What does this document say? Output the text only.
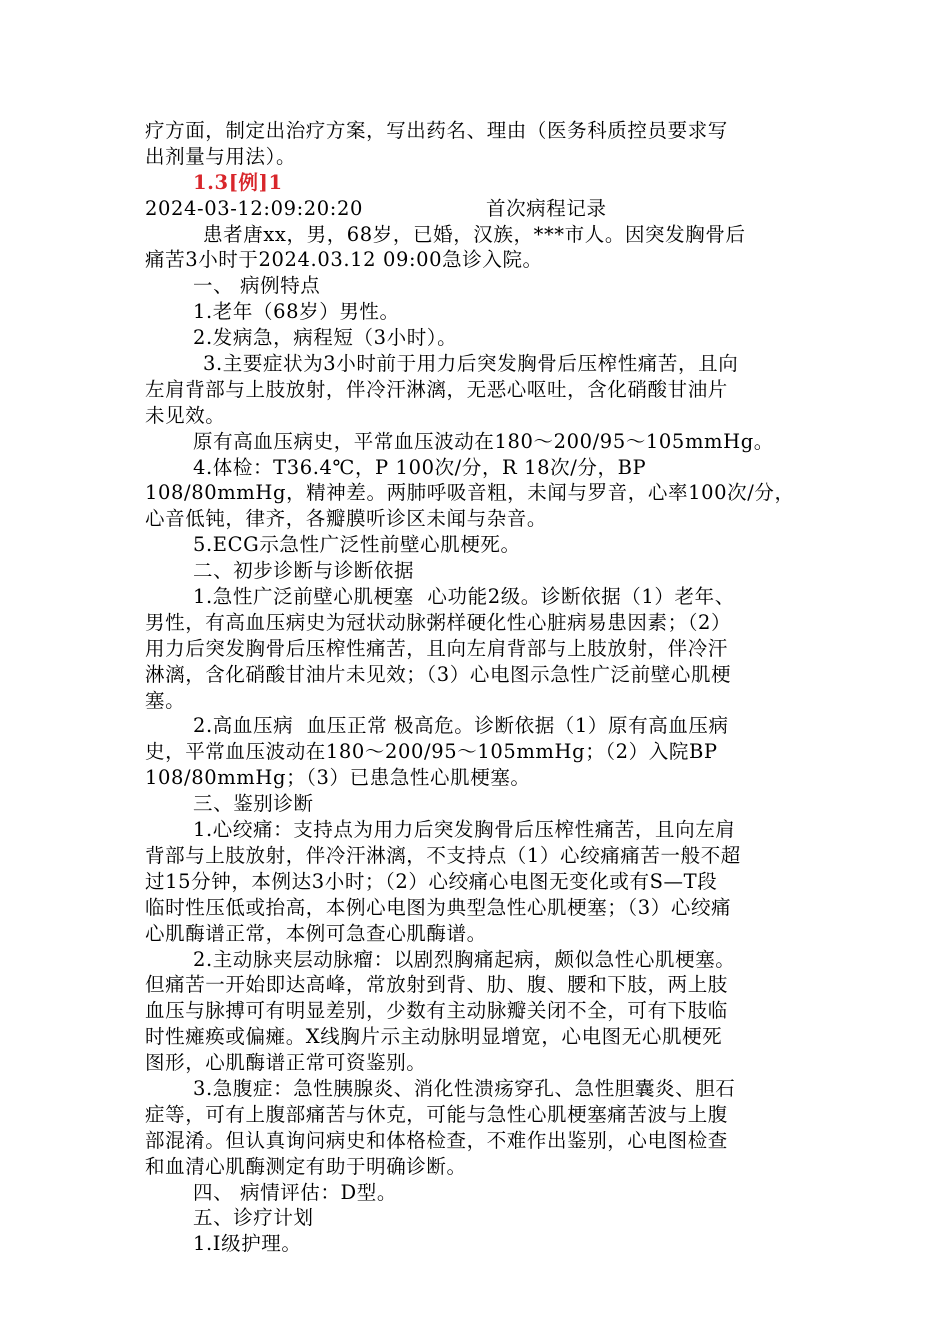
疗方面，制定出治疗方案，写出药名、理由（医务科质控员要求写
出剂量与用法）。
1.3[例]1
2024-03-12:09:20:20	首次病程记录
患者唐xx，男，68岁，已婚，汉族，***市人。因突发胸骨后
痛苦3小时于2024.03.12 09:00急诊入院。
一、 病例特点
1.老年（68岁）男性。
2.发病急，病程短（3小时）。
3.主要症状为3小时前于用力后突发胸骨后压榨性痛苦，且向
左肩背部与上肢放射，伴冷汗淋漓，无恶心呕吐，含化硝酸甘油片
未见效。
原有高血压病史，平常血压波动在180～200/95～105mmHg。
4.体检：T36.4℃，P 100次/分，R 18次/分，BP
108/80mmHg，精神差。两肺呼吸音粗，未闻与罗音，心率100次/分，
心音低钝，律齐，各瓣膜听诊区未闻与杂音。
5.ECG示急性广泛性前壁心肌梗死。
二、初步诊断与诊断依据
1.急性广泛前壁心肌梗塞  心功能2级。诊断依据（1）老年、
男性，有高血压病史为冠状动脉粥样硬化性心脏病易患因素；（2）
用力后突发胸骨后压榨性痛苦，且向左肩背部与上肢放射，伴冷汗
淋漓，含化硝酸甘油片未见效；（3）心电图示急性广泛前壁心肌梗
塞。
2.高血压病  血压正常 极高危。诊断依据（1）原有高血压病
史，平常血压波动在180～200/95～105mmHg；（2）入院BP
108/80mmHg；（3）已患急性心肌梗塞。
三、鉴别诊断
1.心绞痛：支持点为用力后突发胸骨后压榨性痛苦，且向左肩
背部与上肢放射，伴冷汗淋漓，不支持点（1）心绞痛痛苦一般不超
过15分钟，本例达3小时；（2）心绞痛心电图无变化或有S—T段
临时性压低或抬高，本例心电图为典型急性心肌梗塞；（3）心绞痛
心肌酶谱正常，本例可急查心肌酶谱。
2.主动脉夹层动脉瘤：以剧烈胸痛起病，颇似急性心肌梗塞。
但痛苦一开始即达高峰，常放射到背、肋、腹、腰和下肢，两上肢
血压与脉搏可有明显差别，少数有主动脉瓣关闭不全，可有下肢临
时性瘫痪或偏瘫。X线胸片示主动脉明显增宽，心电图无心肌梗死
图形，心肌酶谱正常可资鉴别。
3.急腹症：急性胰腺炎、消化性溃疡穿孔、急性胆囊炎、胆石
症等，可有上腹部痛苦与休克，可能与急性心肌梗塞痛苦波与上腹
部混淆。但认真询问病史和体格检查，不难作出鉴别，心电图检查
和血清心肌酶测定有助于明确诊断。
四、 病情评估：D型。
五、诊疗计划
1.I级护理。
